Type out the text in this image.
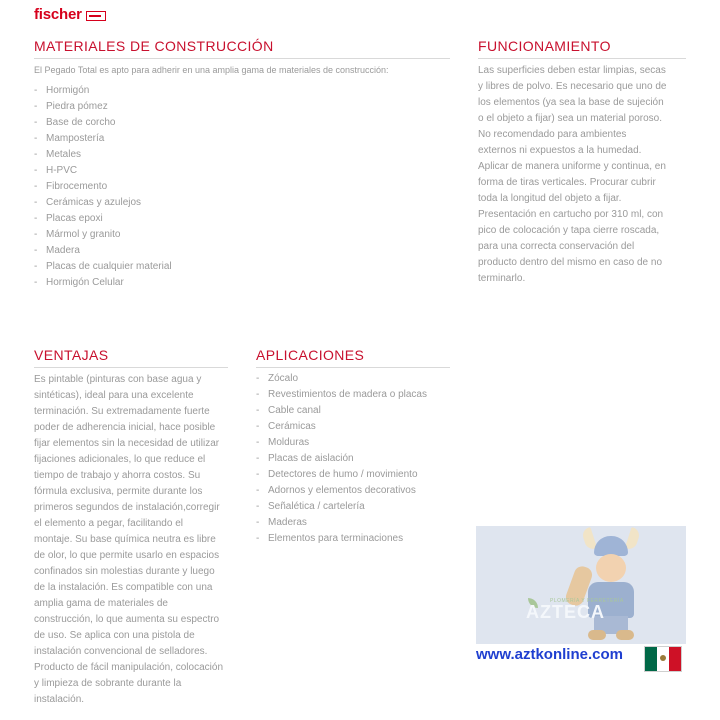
fischer
MATERIALES DE CONSTRUCCIÓN
El Pegado Total es apto para adherir en una amplia gama de materiales de construcción:
- Hormigón
- Piedra pómez
- Base de corcho
- Mampostería
- Metales
- H-PVC
- Fibrocemento
- Cerámicas y azulejos
- Placas epoxi
- Mármol y granito
- Madera
- Placas de cualquier material
- Hormigón Celular
FUNCIONAMIENTO
Las superficies deben estar limpias, secas
y libres de polvo. Es necesario que uno de
los elementos (ya sea la base de sujeción
o el objeto a fijar) sea un material poroso.
No recomendado para ambientes
externos ni expuestos a la humedad.
Aplicar de manera uniforme y continua, en
forma de tiras verticales. Procurar cubrir
toda la longitud del objeto a fijar.
Presentación en cartucho por 310 ml, con
pico de colocación y tapa cierre roscada,
para una correcta conservación del
producto dentro del mismo en caso de no
terminarlo.
VENTAJAS
Es pintable (pinturas con base agua y
sintéticas), ideal para una excelente
terminación. Su extremadamente fuerte
poder de adherencia inicial, hace posible
fijar elementos sin la necesidad de utilizar
fijaciones adicionales, lo que reduce el
tiempo de trabajo y ahorra costos. Su
fórmula exclusiva, permite durante los
primeros segundos de instalación,corregir
el elemento a pegar, facilitando el
montaje. Su base química neutra es libre
de olor, lo que permite usarlo en espacios
confinados sin molestias durante y luego
de la instalación. Es compatible con una
amplia gama de materiales de
construcción, lo que aumenta su espectro
de uso. Se aplica con una pistola de
instalación convencional de selladores.
Producto de fácil manipulación, colocación
y limpieza de sobrante durante la
instalación.
APLICACIONES
- Zócalo
- Revestimientos de madera o placas
- Cable canal
- Cerámicas
- Molduras
- Placas de aislación
- Detectores de humo / movimiento
- Adornos y elementos decorativos
- Señalética / cartelería
- Maderas
- Elementos para terminaciones
PLOMERÍA Y FERRETERÍA
AZTECA
www.aztkonline.com
